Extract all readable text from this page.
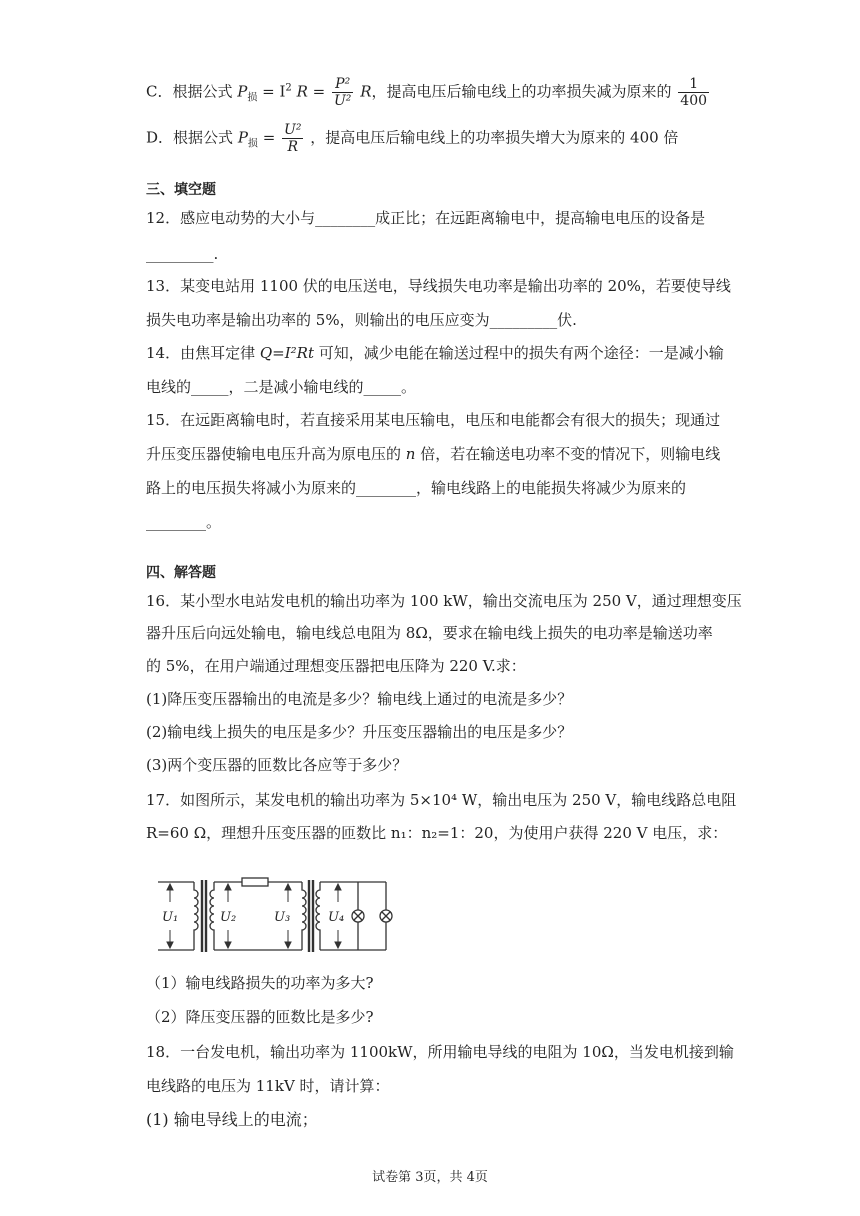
C．根据公式 $P_损 = I^2$ $R = \frac{\text{P²}}{\text{U²}}$ R，提高电压后输电线上的功率损失减为原来的 $\frac{1}{400}$
D．根据公式 $P_损 = \frac{\text{U²}}{R}$ ，提高电压后输电线上的功率损失增大为原来的 400 倍
三、填空题
12．感应电动势的大小与________成正比；在远距离输电中，提高输电电压的设备是
_________.
13．某变电站用 1100 伏的电压送电，导线损失电功率是输出功率的 20%，若要使导线
损失电功率是输出功率的 5%，则输出的电压应变为_________伏.
14．由焦耳定律 Q=I²Rt 可知，减少电能在输送过程中的损失有两个途径：一是减小输
电线的_____，二是减小输电线的_____。
15．在远距离输电时，若直接采用某电压输电，电压和电能都会有很大的损失；现通过
升压变压器使输电电压升高为原电压的 n 倍，若在输送电功率不变的情况下，则输电线
路上的电压损失将减小为原来的________，输电线路上的电能损失将减少为原来的
________。
四、解答题
16．某小型水电站发电机的输出功率为 100 kW，输出交流电压为 250 V，通过理想变压
器升压后向远处输电，输电线总电阻为 8Ω，要求在输电线上损失的电功率是输送功率
的 5%，在用户端通过理想变压器把电压降为 220 V.求：
(1)降压变压器输出的电流是多少？输电线上通过的电流是多少？
(2)输电线上损失的电压是多少？升压变压器输出的电压是多少？
(3)两个变压器的匝数比各应等于多少？
17．如图所示，某发电机的输出功率为 5×10⁴ W，输出电压为 250 V，输电线路总电阻
R=60 Ω，理想升压变压器的匝数比 n₁：n₂=1：20，为使用户获得 220 V 电压，求：
U₁	U₂	U₃	U₄
（1）输电线路损失的功率为多大?
（2）降压变压器的匝数比是多少?
18．一台发电机，输出功率为 1100kW，所用输电导线的电阻为 10Ω，当发电机接到输
电线路的电压为 11kV 时，请计算：
(1) 输电导线上的电流；
试卷第 3页，共 4页
